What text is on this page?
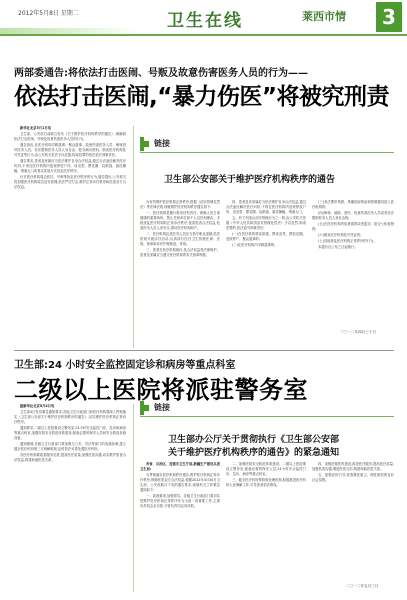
2012年5月8日 星期二	卫生在线	莱西市情	3
两部委通告:将依法打击医闹、号贩及故意伤害医务人员的行为——
依法打击医闹,“暴力伤医”将被究刑责

新华社北京5月1日电

卫生部、公安部日前联合发布《关于维护医疗机构秩序的通告》,明确将依法打击医闹、号贩及故意伤害医务人员的行为。

通告指出,在医疗机构寻衅滋事、聚众滋事、故意伤害医务人员、侮辱恐吓医务人员、非法限制医务人员人身自由、抢夺病历资料、倒卖医疗机构挂号凭证等行为,由公安机关依法予以处置,构成犯罪的依法追究刑事责任。

通告要求,患者及家属应当依法维护自身合法权益,通过合法途径解决医疗纠纷,不得在医疗机构内违规停放尸体、设灵堂、摆花圈、烧纸钱、悬挂横幅、堵塞大门或者以其他方式扰乱医疗秩序。

针对医疗机构周边医托、号贩等扰乱医疗秩序的行为,通告提出,公安机关将加强医疗机构周边治安管理,依法严厉打击,维护正常诊疗秩序和医患双方合法权益。

链接
卫生部公安部关于维护医疗机构秩序的通告

为有效维护医疗机构正常秩序,根据《治安管理处罚法》等法律法规,现就维护医疗机构秩序通告如下:

一、医疗机构是履行救死扶伤责任、保障人民生命健康的重要场所。禁止任何单位和个人以任何理由、手段扰乱医疗机构的正常诊疗秩序,侵害患者合法权益,危害医务人员人身安全,损坏医疗机构财产。

二、医疗机构及其医务人员应当恪守职业道德,依法依规开展诊疗活动,认真执行医疗卫生管理法律、法规、规章和诊疗护理规范、常规。

三、患者在医疗机构就诊,其合法权益受法律保护。患者及家属应当遵守医疗机构的有关规章制度。

四、患者及其家属应当依法维护自身合法权益,通过合法途径解决医疗纠纷,不得在医疗机构内违规停放尸体、设灵堂、摆花圈、烧纸钱、悬挂横幅、堵塞大门。

五、有下列违反治安管理行为之一的,由公安机关依据《中华人民共和国治安管理处罚法》予以处罚,构成犯罪的,依法追究刑事责任:

(一)在医疗机构焚烧纸钱、摆设灵堂、摆放花圈、违规停尸、聚众滋事的;

(二)在医疗机构内寻衅滋事的;

(三)非法携带易燃、易爆危险物品和管制器具进入医疗机构的;

(四)侮辱、威胁、恐吓、故意伤害医务人员或者非法限制医务人员人身自由的;

(五)在医疗机构内故意损毁或者盗窃、抢夺公私财物的;

(六)倒卖医疗机构挂号凭证的;

(七)其他扰乱医疗机构正常秩序的行为。

本通告自公布之日起施行。

二〇一二年四月三十日
卫生部:24 小时安全监控固定诊和病房等重点科室
二级以上医院将派驻警务室

据新华社北京5月4日电

卫生部4日发布紧急通知要求,各地卫生行政部门和医疗机构要深入贯彻落实《卫生部公安部关于维护医疗机构秩序的通告》,切实维护医疗机构正常诊疗秩序。

通知要求,二级以上医院要设立警务室,24小时安全监控门诊、急诊和病房等重点科室,加强医院安全防范体系建设,配备必要的保安人员和安全防范设施设备。

通知强调,各级卫生行政部门要加强与公安、司法等部门的沟通协调,建立健全医疗纠纷第三方调解机制,及时依法妥善处置医疗纠纷。

各医疗机构要改善服务态度,提高医疗质量,加强医患沟通,切实维护患者合法权益,构建和谐医患关系。

链接
卫生部办公厅关于贯彻执行《卫生部公安部
关于维护医疗机构秩序的通告》的紧急通知

各省、自治区、直辖市卫生厅局,新疆生产建设兵团卫生局:

为贯彻落实医疗机构秩序通告,维护医疗机构正常诊疗秩序,保障医患双方合法权益,根据2012年4月30日卫生部、公安部联合下发的通告要求,现就有关工作紧急通知如下:

一、高度重视,加强领导。各级卫生行政部门要切实把维护医疗机构正常秩序作为当前一项重要工作,主要负责同志亲自抓,分管负责同志具体抓。

二、加强医院安全防范体系建设。二级以上医院要设立警务室,配备必要的保安人员,24小时安全监控门诊、急诊、病房等重点科室。

三、健全医疗纠纷预防和处理机制,积极推进医疗纠纷人民调解工作,引导患者依法维权。

四、加强医德医风建设,改善医疗服务,提高医疗质量,加强医患沟通,增进医患互信,构建和谐医患关系。

五、加强宣传引导,营造尊医重卫、理性维权的良好社会氛围。

二〇一二年五月三日
